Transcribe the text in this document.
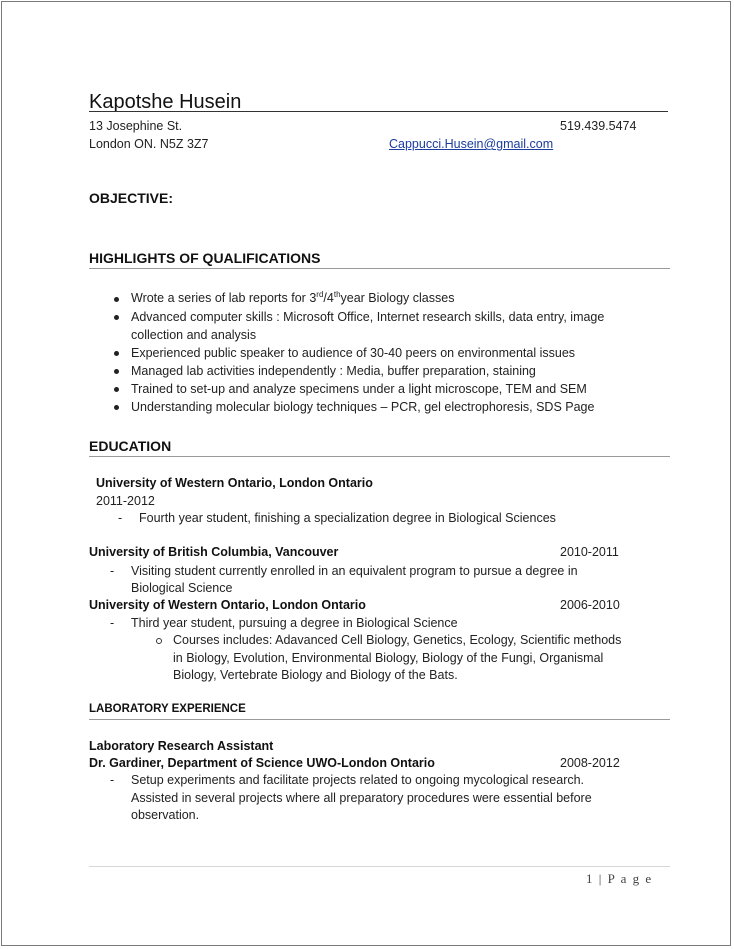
Kapotshe Husein
13 Josephine St.	519.439.5474
London ON. N5Z 3Z7	Cappucci.Husein@gmail.com
OBJECTIVE:
HIGHLIGHTS OF QUALIFICATIONS
Wrote a series of lab reports for 3rd/4thyear Biology classes
Advanced computer skills : Microsoft Office, Internet research skills, data entry, image
collection and analysis
Experienced public speaker to audience of 30-40 peers on environmental issues
Managed lab activities independently : Media, buffer preparation, staining
Trained to set-up and analyze specimens under a light microscope, TEM and SEM
Understanding molecular biology techniques – PCR, gel electrophoresis, SDS Page
EDUCATION
University of Western Ontario, London Ontario
2011-2012
- Fourth year student, finishing a specialization degree in Biological Sciences
University of British Columbia, Vancouver	2010-2011
- Visiting student currently enrolled in an equivalent program to pursue a degree in
Biological Science
University of Western Ontario, London Ontario	2006-2010
- Third year student, pursuing a degree in Biological Science
Courses includes: Adavanced Cell Biology, Genetics, Ecology, Scientific methods
in Biology, Evolution, Environmental Biology, Biology of the Fungi, Organismal
Biology, Vertebrate Biology and Biology of the Bats.
LABORATORY EXPERIENCE
Laboratory Research Assistant
Dr. Gardiner, Department of Science UWO-London Ontario	2008-2012
- Setup experiments and facilitate projects related to ongoing mycological research.
Assisted in several projects where all preparatory procedures were essential before
observation.
1 | P a g e
